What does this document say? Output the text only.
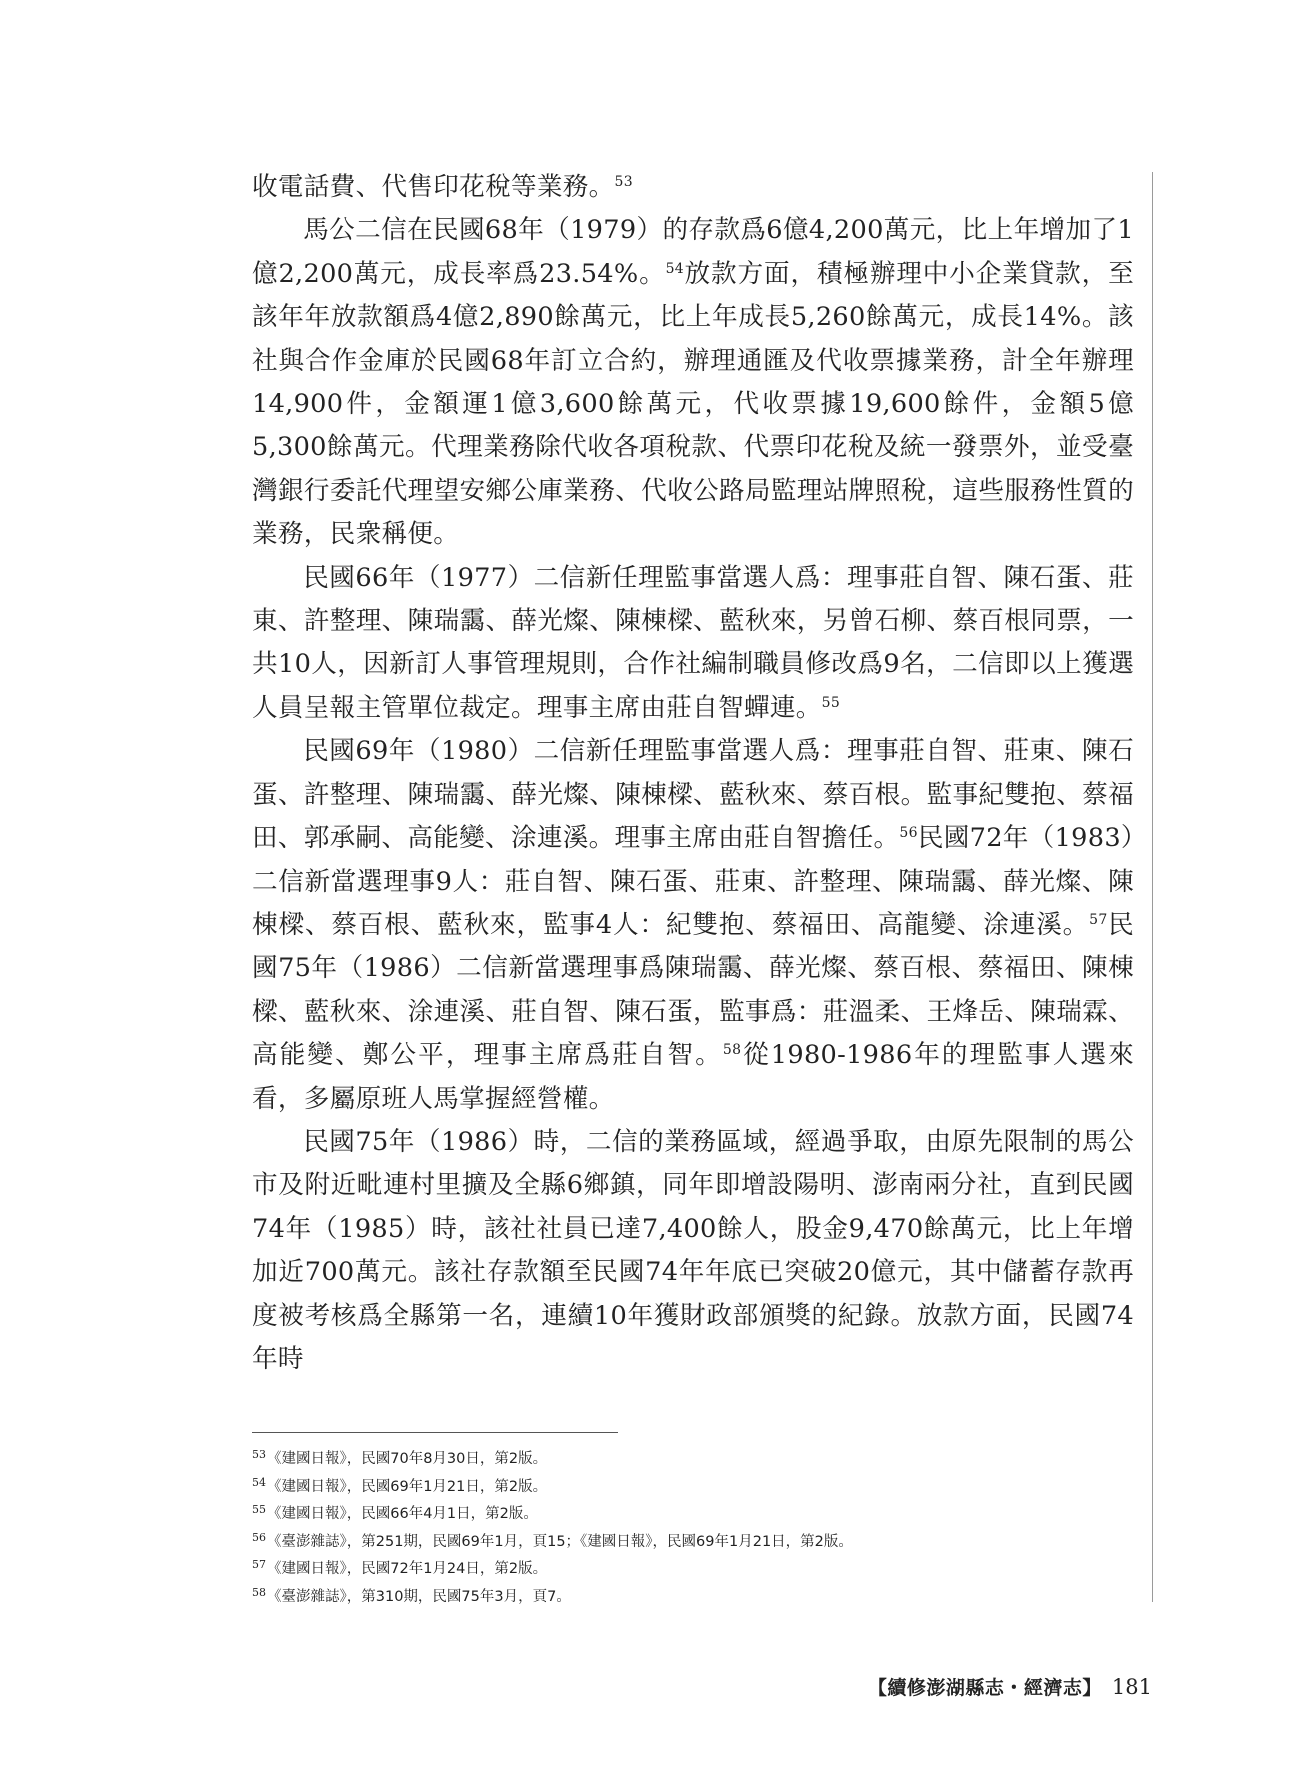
收電話費、代售印花稅等業務。$^{53}$

馬公二信在民國68年（1979）的存款爲6億4,200萬元，比上年增加了1億2,200萬元，成長率爲23.54%。$^{54}$放款方面，積極辦理中小企業貸款，至該年年放款額爲4億2,890餘萬元，比上年成長5,260餘萬元，成長14%。該社與合作金庫於民國68年訂立合約，辦理通匯及代收票據業務，計全年辦理14,900件，金額運1億3,600餘萬元，代收票據19,600餘件，金額5億5,300餘萬元。代理業務除代收各項稅款、代票印花稅及統一發票外，並受臺灣銀行委託代理望安鄉公庫業務、代收公路局監理站牌照稅，這些服務性質的業務，民衆稱便。

民國66年（1977）二信新任理監事當選人爲：理事莊自智、陳石蛋、莊東、許整理、陳瑞靄、薛光燦、陳棟樑、藍秋來，另曾石柳、蔡百根同票，一共10人，因新訂人事管理規則，合作社編制職員修改爲9名，二信即以上獲選人員呈報主管單位裁定。理事主席由莊自智蟬連。$^{55}$

民國69年（1980）二信新任理監事當選人爲：理事莊自智、莊東、陳石蛋、許整理、陳瑞靄、薛光燦、陳棟樑、藍秋來、蔡百根。監事紀雙抱、蔡福田、郭承嗣、高能變、涂連溪。理事主席由莊自智擔任。$^{56}$民國72年（1983）二信新當選理事9人：莊自智、陳石蛋、莊東、許整理、陳瑞靄、薛光燦、陳棟樑、蔡百根、藍秋來，監事4人：紀雙抱、蔡福田、高龍變、涂連溪。$^{57}$民國75年（1986）二信新當選理事爲陳瑞靄、薛光燦、蔡百根、蔡福田、陳棟樑、藍秋來、涂連溪、莊自智、陳石蛋，監事爲：莊溫柔、王烽岳、陳瑞霖、高能變、鄭公平，理事主席爲莊自智。$^{58}$從1980-1986年的理監事人選來看，多屬原班人馬掌握經營權。

民國75年（1986）時，二信的業務區域，經過爭取，由原先限制的馬公市及附近毗連村里擴及全縣6鄉鎮，同年即增設陽明、澎南兩分社，直到民國74年（1985）時，該社社員已達7,400餘人，股金9,470餘萬元，比上年增加近700萬元。該社存款額至民國74年年底已突破20億元，其中儲蓄存款再度被考核爲全縣第一名，連續10年獲財政部頒獎的紀錄。放款方面，民國74年時

$^{53}$《建國日報》，民國70年8月30日，第2版。

$^{54}$《建國日報》，民國69年1月21日，第2版。

$^{55}$《建國日報》，民國66年4月1日，第2版。

$^{56}$《臺澎雜誌》，第251期，民國69年1月，頁15；《建國日報》，民國69年1月21日，第2版。

$^{57}$《建國日報》，民國72年1月24日，第2版。

$^{58}$《臺澎雜誌》，第310期，民國75年3月，頁7。

【續修澎湖縣志・經濟志】 181
